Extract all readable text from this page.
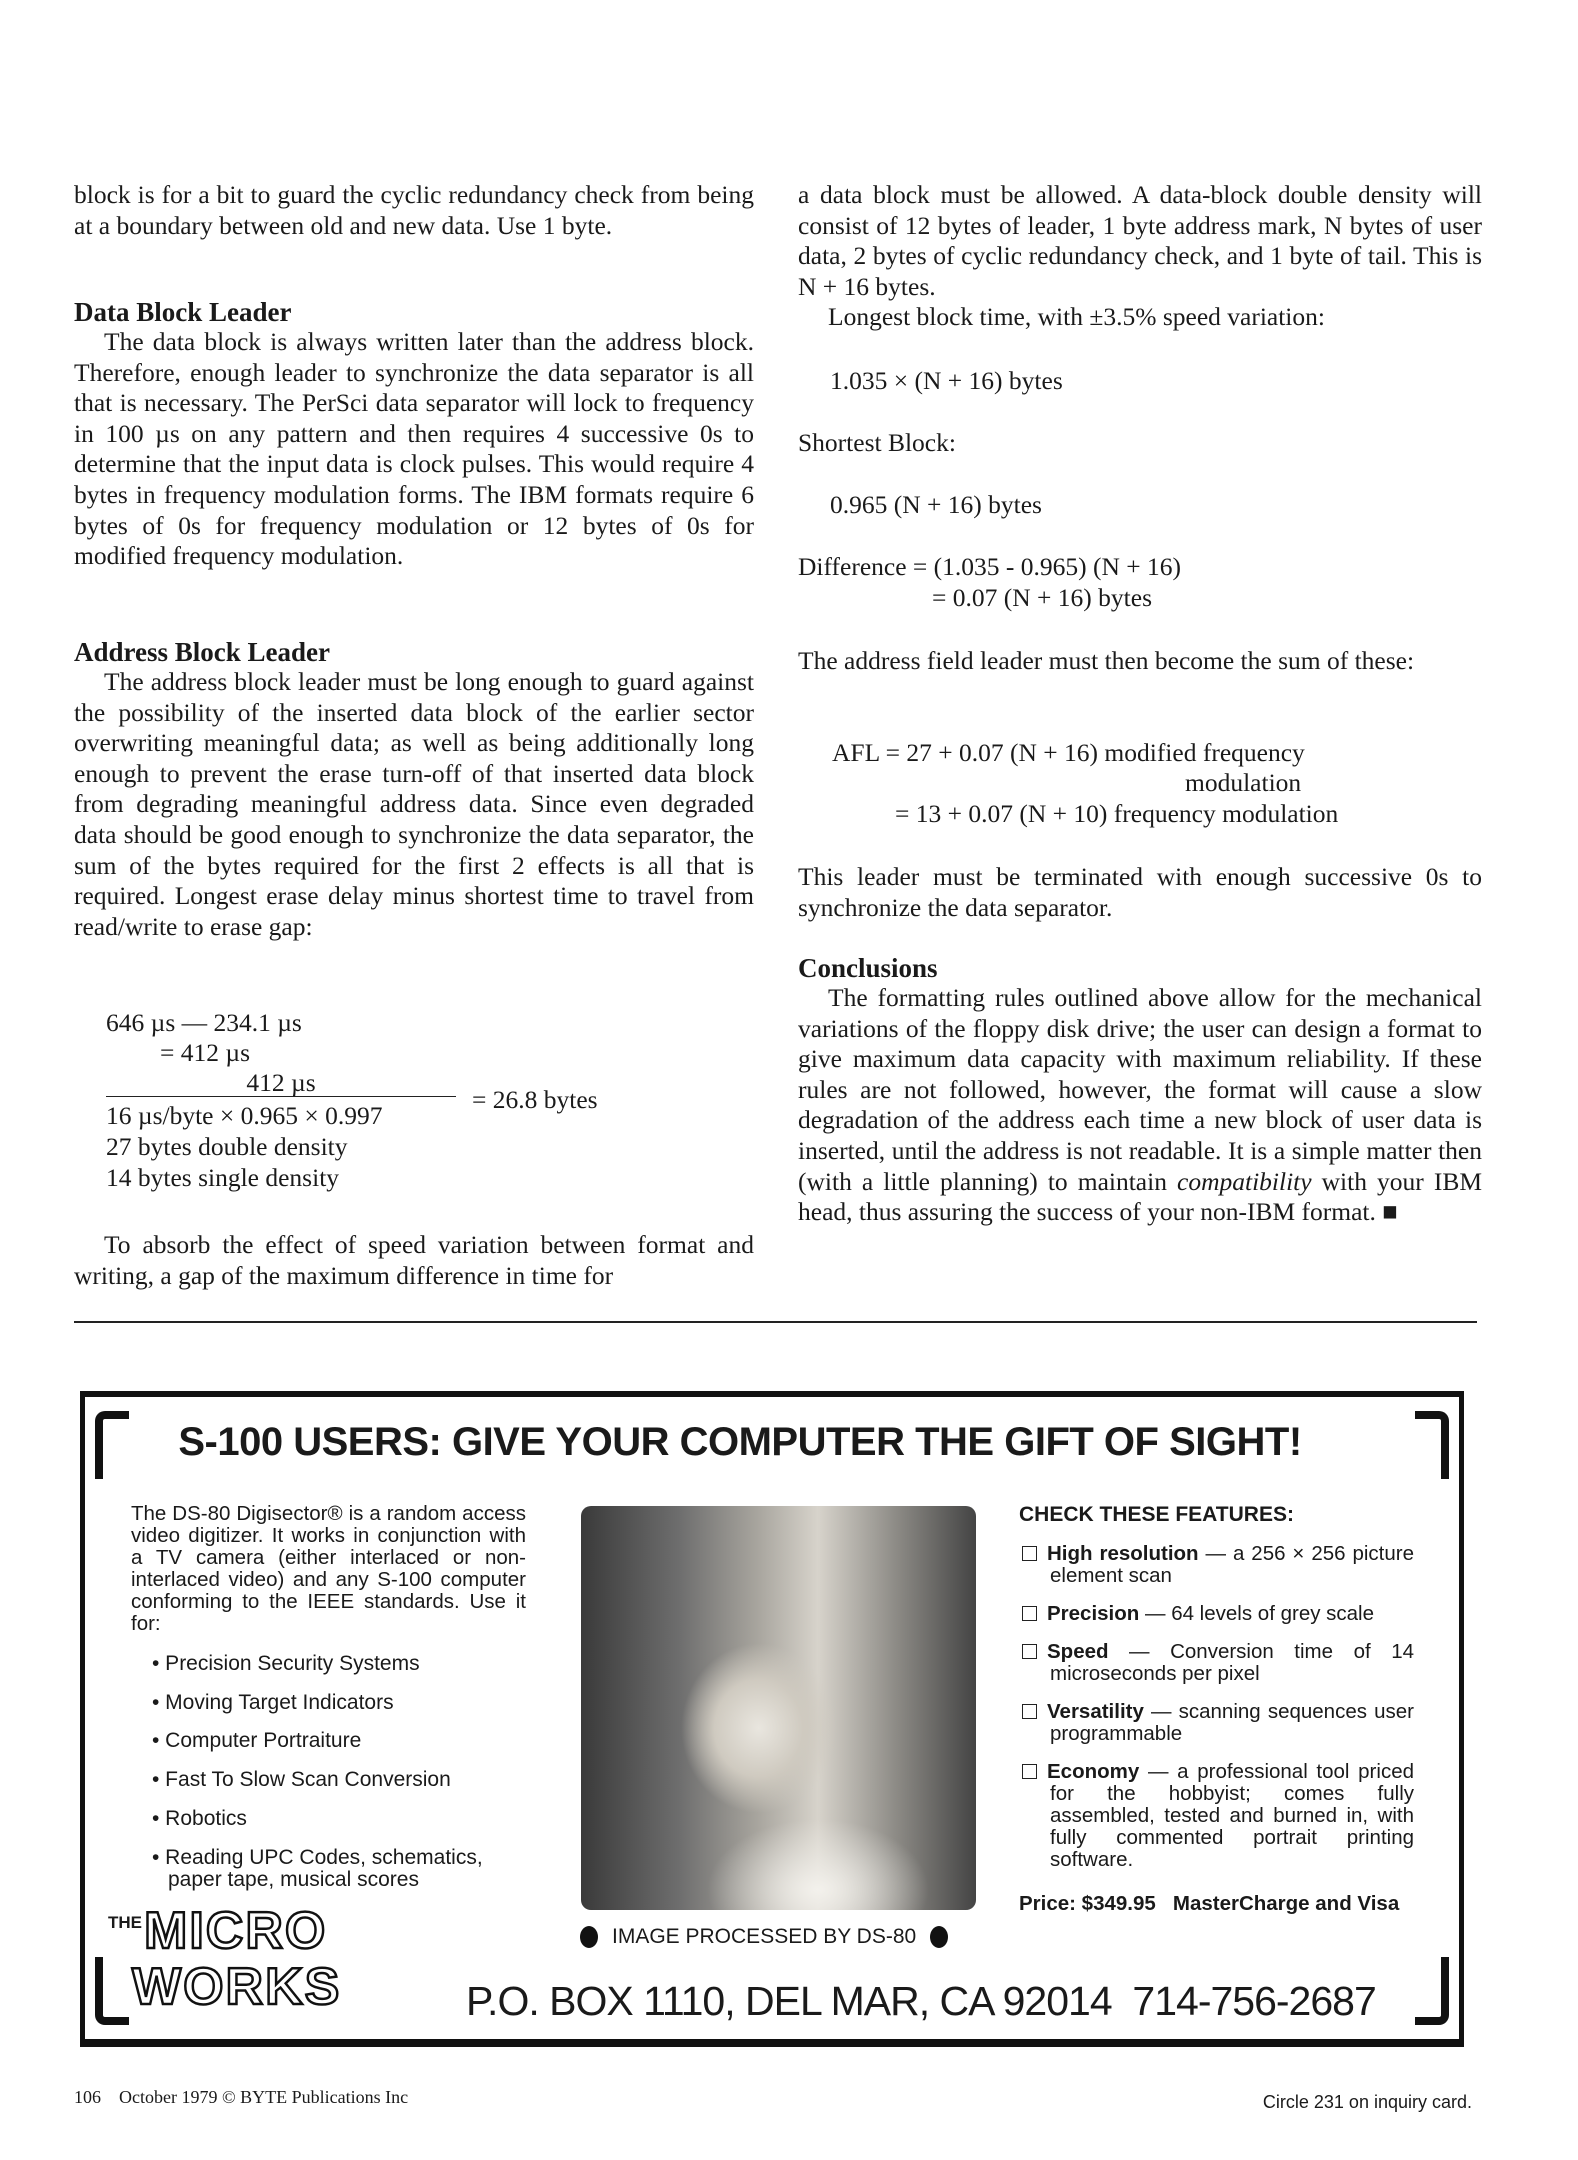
block is for a bit to guard the cyclic redundancy check from being at a boundary between old and new data. Use 1 byte.

Data Block Leader

The data block is always written later than the address block. Therefore, enough leader to synchronize the data separator is all that is necessary. The PerSci data separator will lock to frequency in 100 µs on any pattern and then requires 4 successive 0s to determine that the input data is clock pulses. This would require 4 bytes in frequency modulation forms. The IBM formats require 6 bytes of 0s for frequency modulation or 12 bytes of 0s for modified frequency modulation.

Address Block Leader

The address block leader must be long enough to guard against the possibility of the inserted data block of the earlier sector overwriting meaningful data; as well as being additionally long enough to prevent the erase turn-off of that inserted data block from degrading meaningful address data. Since even degraded data should be good enough to synchronize the data separator, the sum of the bytes required for the first 2 effects is all that is required. Longest erase delay minus shortest time to travel from read/write to erase gap:

646 µs — 234.1 µs
= 412 µs
412 µs
16 µs/byte × 0.965 × 0.997
= 26.8 bytes
27 bytes double density
14 bytes single density

To absorb the effect of speed variation between format and writing, a gap of the maximum difference in time for

a data block must be allowed. A data-block double density will consist of 12 bytes of leader, 1 byte address mark, N bytes of user data, 2 bytes of cyclic redundancy check, and 1 byte of tail. This is N + 16 bytes.

Longest block time, with ±3.5% speed variation:

1.035 × (N + 16) bytes
Shortest Block:
0.965 (N + 16) bytes
Difference = (1.035 - 0.965) (N + 16)
= 0.07 (N + 16) bytes

The address field leader must then become the sum of these:

AFL = 27 + 0.07 (N + 16) modified frequency
modulation
= 13 + 0.07 (N + 10) frequency modulation

This leader must be terminated with enough successive 0s to synchronize the data separator.

Conclusions

The formatting rules outlined above allow for the mechanical variations of the floppy disk drive; the user can design a format to give maximum data capacity with maximum reliability. If these rules are not followed, however, the format will cause a slow degradation of the address each time a new block of user data is inserted, until the address is not readable. It is a simple matter then (with a little planning) to maintain compatibility with your IBM head, thus assuring the success of your non-IBM format. ■

S-100 USERS: GIVE YOUR COMPUTER THE GIFT OF SIGHT!
The DS-80 Digisector® is a random access video digitizer. It works in conjunction with a TV camera (either interlaced or non-interlaced video) and any S-100 computer conforming to the IEEE standards. Use it for:
• Precision Security Systems
• Moving Target Indicators
• Computer Portraiture
• Fast To Slow Scan Conversion
• Robotics
• Reading UPC Codes, schematics, paper tape, musical scores
IMAGE PROCESSED BY DS-80
CHECK THESE FEATURES:

High resolution — a 256 × 256 picture element scan

Precision — 64 levels of grey scale

Speed — Conversion time of 14 microseconds per pixel

Versatility — scanning sequences user programmable

Economy — a professional tool priced for the hobbyist; comes fully assembled, tested and burned in, with fully commented portrait printing software.

Price: $349.95 MasterCharge and Visa
THE MICRO
WORKS	P.O. BOX 1110, DEL MAR, CA 92014 714-756-2687
106 October 1979 © BYTE Publications Inc	Circle 231 on inquiry card.
